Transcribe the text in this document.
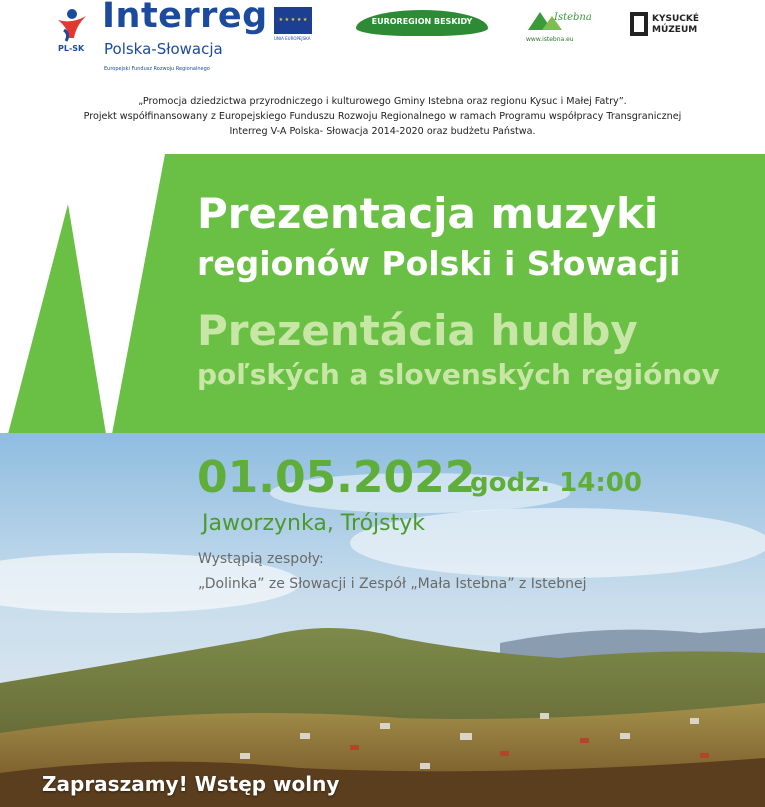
PL-SK
Interreg
Polska-Słowacja
Europejski Fundusz Rozwoju Regionalnego
★ ★ ★ ★ ★
UNIA EUROPEJSKA
EUROREGION BESKIDY	Istebna
www.istebna.eu
KYSUCKÉ MÚZEUM
„Promocja dziedzictwa przyrodniczego i kulturowego Gminy Istebna oraz regionu Kysuc i Małej Fatry”.
Projekt współfinansowany z Europejskiego Funduszu Rozwoju Regionalnego w ramach Programu współpracy Transgranicznej
Interreg V-A Polska- Słowacja 2014-2020 oraz budżetu Państwa.
Prezentacja muzyki
regionów Polski i Słowacji
Prezentácia hudby
poľských a slovenských regiónov
01.05.2022
godz. 14:00
Jaworzynka, Trójstyk
Wystąpią zespoły:
„Dolinka” ze Słowacji i Zespół „Mała Istebna” z Istebnej
Zapraszamy! Wstęp wolny
